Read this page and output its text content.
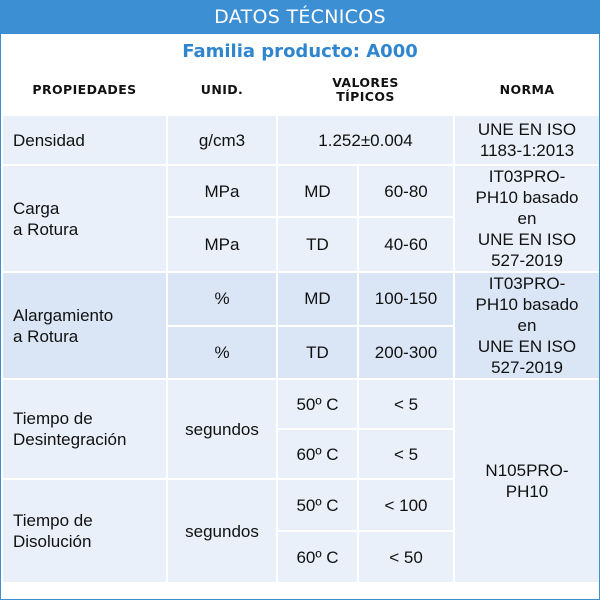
DATOS TÉCNICOS
Familia producto: A000
PROPIEDADES	UNID.	VALORES
TÍPICOS		NORMA
Densidad	g/cm3	1.252±0.004		UNE EN ISO
1183-1:2013
Carga
a Rotura	MPa	MD	60-80	IT03PRO-
PH10 basado
en
UNE EN ISO
527-2019
	MPa	TD	40-60	
Alargamiento
a Rotura	%	MD	100-150	IT03PRO-
PH10 basado
en
UNE EN ISO
527-2019
	%	TD	200-300	
Tiempo de
Desintegración	segundos	50º C	< 5	N105PRO-
PH10
		60º C	< 5	
Tiempo de
Disolución	segundos	50º C	< 100	
		60º C	< 50	
